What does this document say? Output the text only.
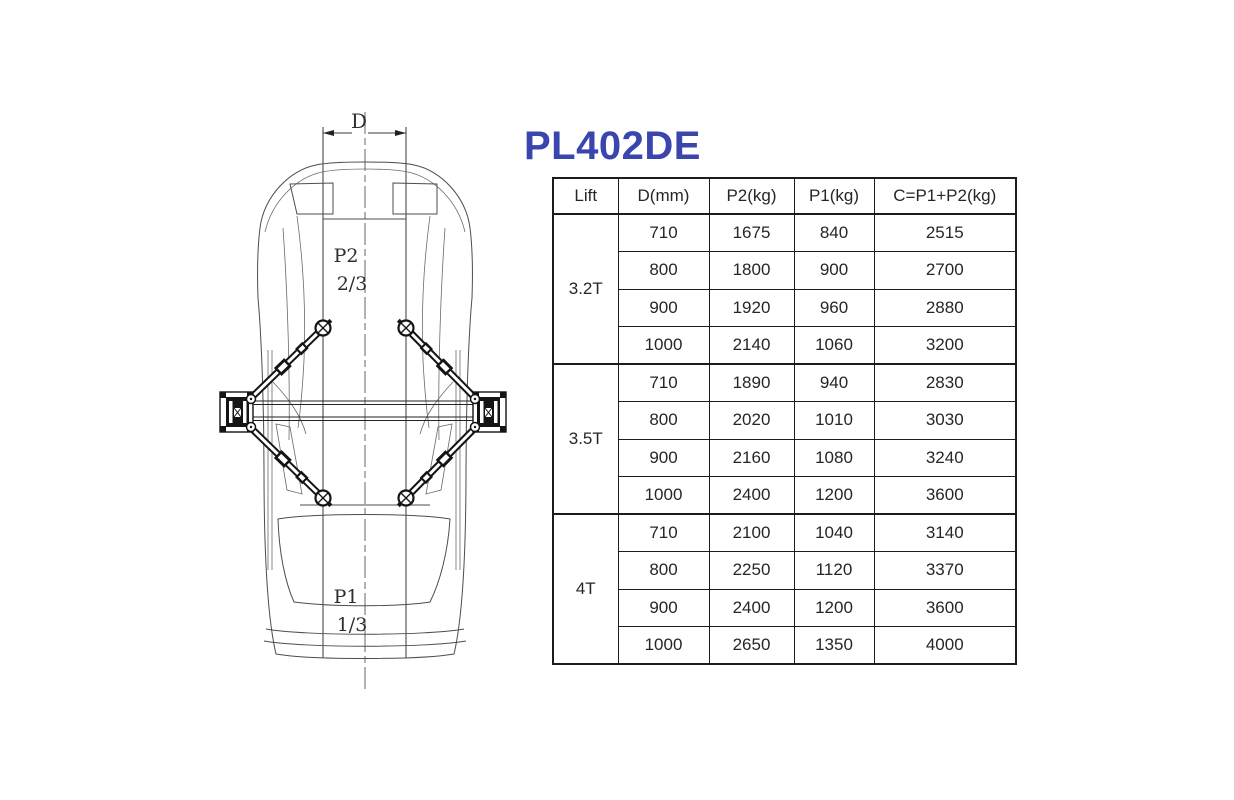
D
P2
2/3
P1
1/3
PL402DE
Lift	D(mm)	P2(kg)	P1(kg)	C=P1+P2(kg)
3.2T	710	1675	840	2515
	800	1800	900	2700
	900	1920	960	2880
	1000	2140	1060	3200
3.5T	710	1890	940	2830
	800	2020	1010	3030
	900	2160	1080	3240
	1000	2400	1200	3600
4T	710	2100	1040	3140
	800	2250	1120	3370
	900	2400	1200	3600
	1000	2650	1350	4000
